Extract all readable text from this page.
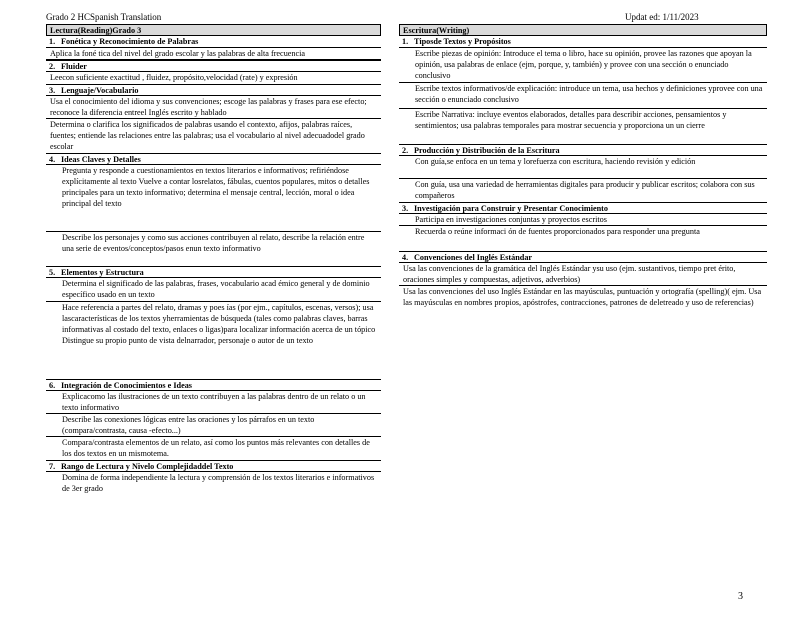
Grado 2 HCSpanish Translation	Updat ed: 1/11/2023
Lectura(Reading)Grado 3
1. Fonética y Reconocimiento de Palabras
Aplica la foné tica del nivel del grado escolar y las palabras de alta frecuencia
2. Fluider
Leecon suficiente exactitud , fluidez, propósito,velocidad (rate) y expresión
3. Lenguaje/Vocabulario
Usa el conocimiento del idioma y sus convenciones; escoge las palabras y frases para ese efecto; reconoce la diferencia entreel Inglés escrito y hablado
Determina o clarifica los significados de palabras usando el contexto, afijos, palabras raíces, fuentes; entiende las relaciones entre las palabras; usa el vocabulario al nivel adecuadodel grado escolar
4. Ideas Claves y Detalles
Pregunta y responde a cuestionamientos en textos literarios e informativos; refiriéndose explícitamente al texto Vuelve a contar losrelatos, fábulas, cuentos populares, mitos o detalles principales para un texto informativo; determina el mensaje central, lección, moral o idea principal del texto
Describe los personajes y como sus acciones contribuyen al relato, describe la relación entre una serie de eventos/conceptos/pasos enun texto informativo
5. Elementos y Estructura
Determina el significado de las palabras, frases, vocabulario acad émico general y de dominio específico usado en un texto
Hace referencia a partes del relato, dramas y poes ías (por ejm., capítulos, escenas, versos); usa lascaracterísticas de los textos yherramientas de búsqueda (tales como palabras claves, barras informativas al costado del texto, enlaces o ligas)para localizar información acerca de un tópico Distingue su propio punto de vista delnarrador, personaje o autor de un texto
6. Integración de Conocimientos e Ideas
Explicacomo las ilustraciones de un texto contribuyen a las palabras dentro de un relato o un texto informativo
Describe las conexiones lógicas entre las oraciones y los párrafos en un texto (compara/contrasta, causa -efecto...)
Compara/contrasta elementos de un relato, así como los puntos más relevantes con detalles de los dos textos en un mismotema.
7. Rango de Lectura y Nivelo Complejidaddel Texto
Domina de forma independiente la lectura y comprensión de los textos literarios e informativos de 3er grado
Escritura(Writing)
1. Tiposde Textos y Propósitos
Escribe piezas de opinión: Introduce el tema o libro, hace su opinión, provee las razones que apoyan la opinión, usa palabras de enlace (ejm, porque, y, también) y provee con una sección o enunciado conclusivo
Escribe textos informativos/de explicación: introduce un tema, usa hechos y definiciones yprovee con una sección o enunciado conclusivo
Escribe Narrativa: incluye eventos elaborados, detalles para describir acciones, pensamientos y sentimientos; usa palabras temporales para mostrar secuencia y proporciona un un cierre
2. Producción y Distribución de la Escritura
Con guía,se enfoca en un tema y lorefuerza con escritura, haciendo revisión y edición
Con guía, usa una variedad de herramientas digitales para producir y publicar escritos; colabora con sus compañeros
3. Investigación para Construir y Presentar Conocimiento
Participa en investigaciones conjuntas y proyectos escritos
Recuerda o reúne informaci ón de fuentes proporcionados para responder una pregunta
4. Convenciones del Inglés Estándar
Usa las convenciones de la gramática del Inglés Estándar ysu uso (ejm. sustantivos, tiempo pret érito, oraciones simples y compuestas, adjetivos, adverbios)
Usa las convenciones del uso Inglés Estándar en las mayúsculas, puntuación y ortografía (spelling)( ejm. Usa las mayúsculas en nombres propios, apóstrofes, contracciones, patrones de deletreado y uso de referencias)
3
